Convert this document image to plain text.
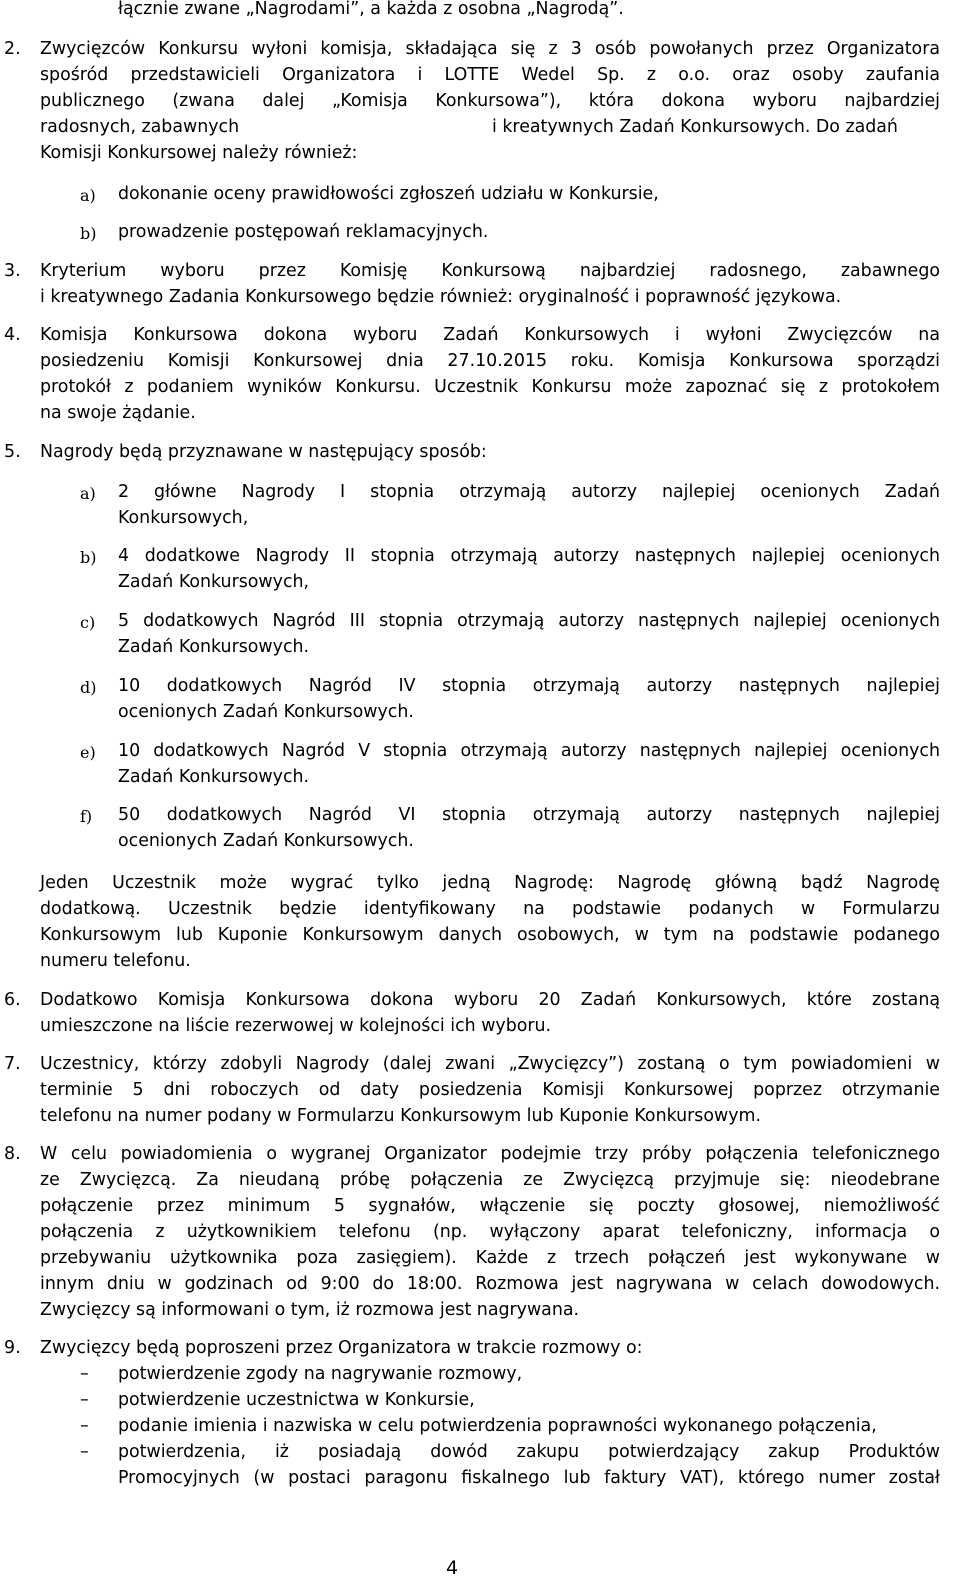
łącznie zwane „Nagrodami”, a każda z osobna „Nagrodą”.
2. Zwycięzców Konkursu wyłoni komisja, składająca się z 3 osób powołanych przez Organizatora
spośród przedstawicieli Organizatora i LOTTE Wedel Sp. z o.o. oraz osoby zaufania
publicznego (zwana dalej „Komisja Konkursowa”), która dokona wyboru najbardziej
radosnych, zabawnych	i kreatywnych Zadań Konkursowych. Do zadań
Komisji Konkursowej należy również:
a) dokonanie oceny prawidłowości zgłoszeń udziału w Konkursie,
b) prowadzenie postępowań reklamacyjnych.
3. Kryterium wyboru przez Komisję Konkursową najbardziej radosnego, zabawnego
i kreatywnego Zadania Konkursowego będzie również: oryginalność i poprawność językowa.
4. Komisja Konkursowa dokona wyboru Zadań Konkursowych i wyłoni Zwycięzców na
posiedzeniu Komisji Konkursowej dnia 27.10.2015 roku. Komisja Konkursowa sporządzi
protokół z podaniem wyników Konkursu. Uczestnik Konkursu może zapoznać się z protokołem
na swoje żądanie.
5. Nagrody będą przyznawane w następujący sposób:
a) 2 główne Nagrody I stopnia otrzymają autorzy najlepiej ocenionych Zadań
Konkursowych,
b) 4 dodatkowe Nagrody II stopnia otrzymają autorzy następnych najlepiej ocenionych
Zadań Konkursowych,
c) 5 dodatkowych Nagród III stopnia otrzymają autorzy następnych najlepiej ocenionych
Zadań Konkursowych.
d) 10 dodatkowych Nagród IV stopnia otrzymają autorzy następnych najlepiej
ocenionych Zadań Konkursowych.
e) 10 dodatkowych Nagród V stopnia otrzymają autorzy następnych najlepiej ocenionych
Zadań Konkursowych.
f) 50 dodatkowych Nagród VI stopnia otrzymają autorzy następnych najlepiej
ocenionych Zadań Konkursowych.
Jeden Uczestnik może wygrać tylko jedną Nagrodę: Nagrodę główną bądź Nagrodę
dodatkową. Uczestnik będzie identyfikowany na podstawie podanych w Formularzu
Konkursowym lub Kuponie Konkursowym danych osobowych, w tym na podstawie podanego
numeru telefonu.
6. Dodatkowo Komisja Konkursowa dokona wyboru 20 Zadań Konkursowych, które zostaną
umieszczone na liście rezerwowej w kolejności ich wyboru.
7. Uczestnicy, którzy zdobyli Nagrody (dalej zwani „Zwycięzcy”) zostaną o tym powiadomieni w
terminie 5 dni roboczych od daty posiedzenia Komisji Konkursowej poprzez otrzymanie
telefonu na numer podany w Formularzu Konkursowym lub Kuponie Konkursowym.
8. W celu powiadomienia o wygranej Organizator podejmie trzy próby połączenia telefonicznego
ze Zwycięzcą. Za nieudaną próbę połączenia ze Zwycięzcą przyjmuje się: nieodebrane
połączenie przez minimum 5 sygnałów, włączenie się poczty głosowej, niemożliwość
połączenia z użytkownikiem telefonu (np. wyłączony aparat telefoniczny, informacja o
przebywaniu użytkownika poza zasięgiem). Każde z trzech połączeń jest wykonywane w
innym dniu w godzinach od 9:00 do 18:00. Rozmowa jest nagrywana w celach dowodowych.
Zwycięzcy są informowani o tym, iż rozmowa jest nagrywana.
9. Zwycięzcy będą poproszeni przez Organizatora w trakcie rozmowy o:
– potwierdzenie zgody na nagrywanie rozmowy,
– potwierdzenie uczestnictwa w Konkursie,
– podanie imienia i nazwiska w celu potwierdzenia poprawności wykonanego połączenia,
– potwierdzenia, iż posiadają dowód zakupu potwierdzający zakup Produktów
Promocyjnych (w postaci paragonu fiskalnego lub faktury VAT), którego numer został
4
